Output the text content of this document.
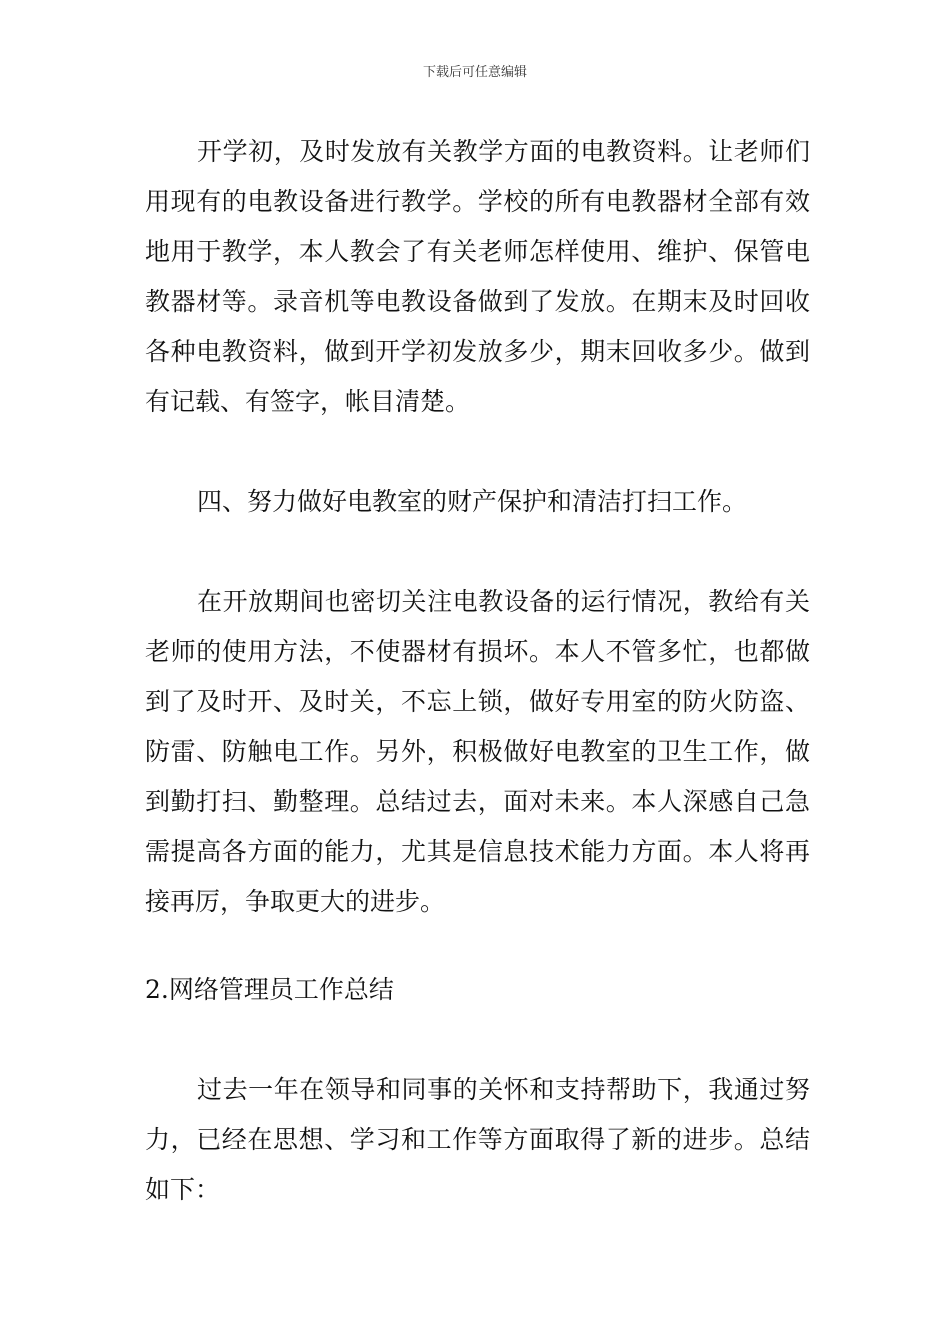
下载后可任意编辑

开学初，及时发放有关教学方面的电教资料。让老师们用现有的电教设备进行教学。学校的所有电教器材全部有效地用于教学，本人教会了有关老师怎样使用、维护、保管电教器材等。录音机等电教设备做到了发放。在期末及时回收各种电教资料，做到开学初发放多少，期末回收多少。做到有记载、有签字，帐目清楚。

四、努力做好电教室的财产保护和清洁打扫工作。

在开放期间也密切关注电教设备的运行情况，教给有关老师的使用方法，不使器材有损坏。本人不管多忙，也都做到了及时开、及时关，不忘上锁，做好专用室的防火防盗、防雷、防触电工作。另外，积极做好电教室的卫生工作，做到勤打扫、勤整理。总结过去，面对未来。本人深感自己急需提高各方面的能力，尤其是信息技术能力方面。本人将再接再厉，争取更大的进步。

2.网络管理员工作总结

过去一年在领导和同事的关怀和支持帮助下，我通过努力，已经在思想、学习和工作等方面取得了新的进步。总结如下：
